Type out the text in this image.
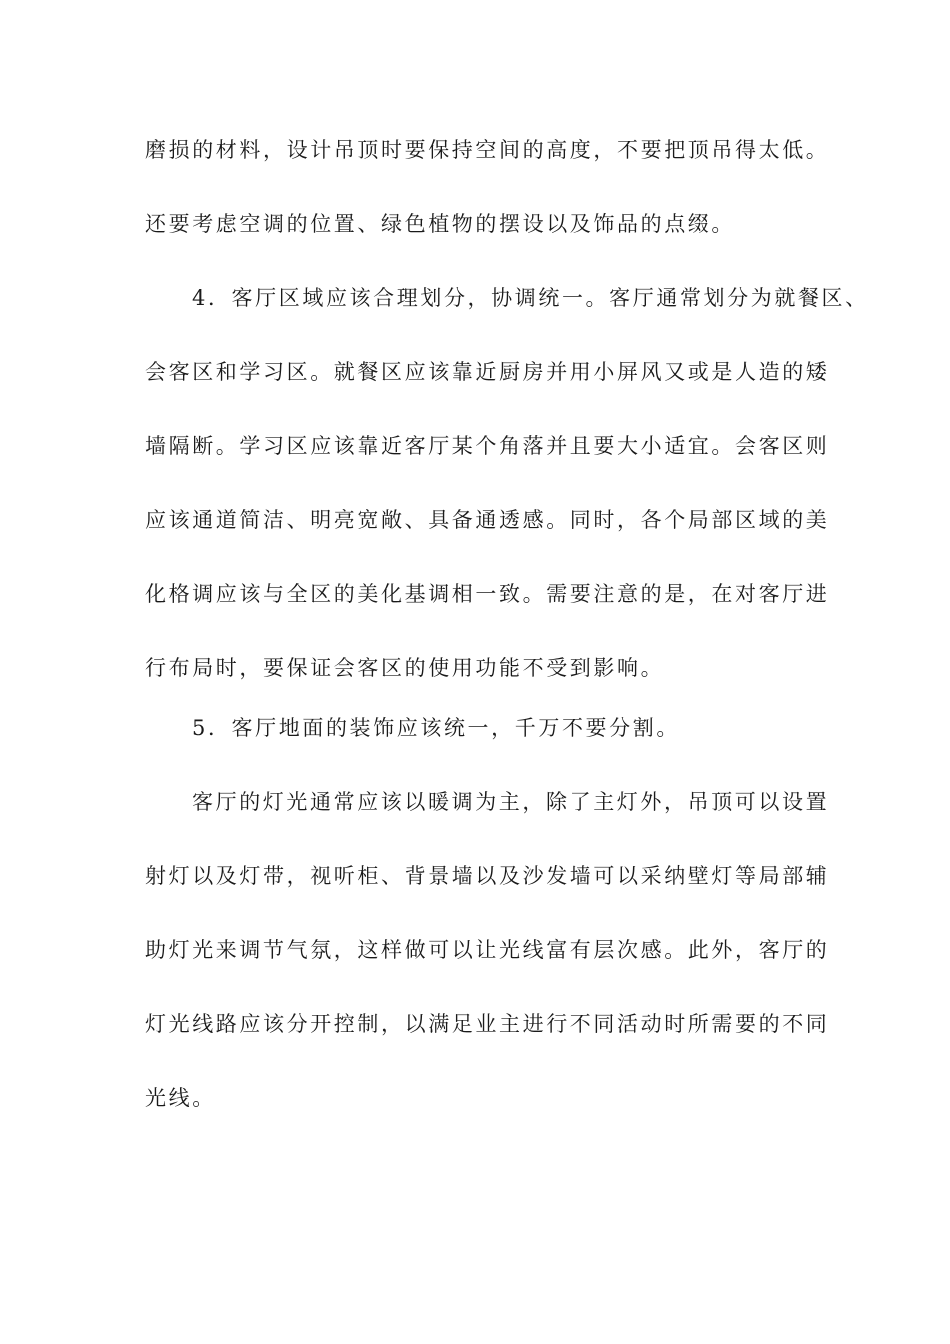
磨损的材料，设计吊顶时要保持空间的高度，不要把顶吊得太低。

还要考虑空调的位置、绿色植物的摆设以及饰品的点缀。

4．客厅区域应该合理划分，协调统一。客厅通常划分为就餐区、

会客区和学习区。就餐区应该靠近厨房并用小屏风又或是人造的矮

墙隔断。学习区应该靠近客厅某个角落并且要大小适宜。会客区则

应该通道简洁、明亮宽敞、具备通透感。同时，各个局部区域的美

化格调应该与全区的美化基调相一致。需要注意的是，在对客厅进

行布局时，要保证会客区的使用功能不受到影响。

5．客厅地面的装饰应该统一，千万不要分割。

客厅的灯光通常应该以暖调为主，除了主灯外，吊顶可以设置

射灯以及灯带，视听柜、背景墙以及沙发墙可以采纳壁灯等局部辅

助灯光来调节气氛，这样做可以让光线富有层次感。此外，客厅的

灯光线路应该分开控制，以满足业主进行不同活动时所需要的不同

光线。
